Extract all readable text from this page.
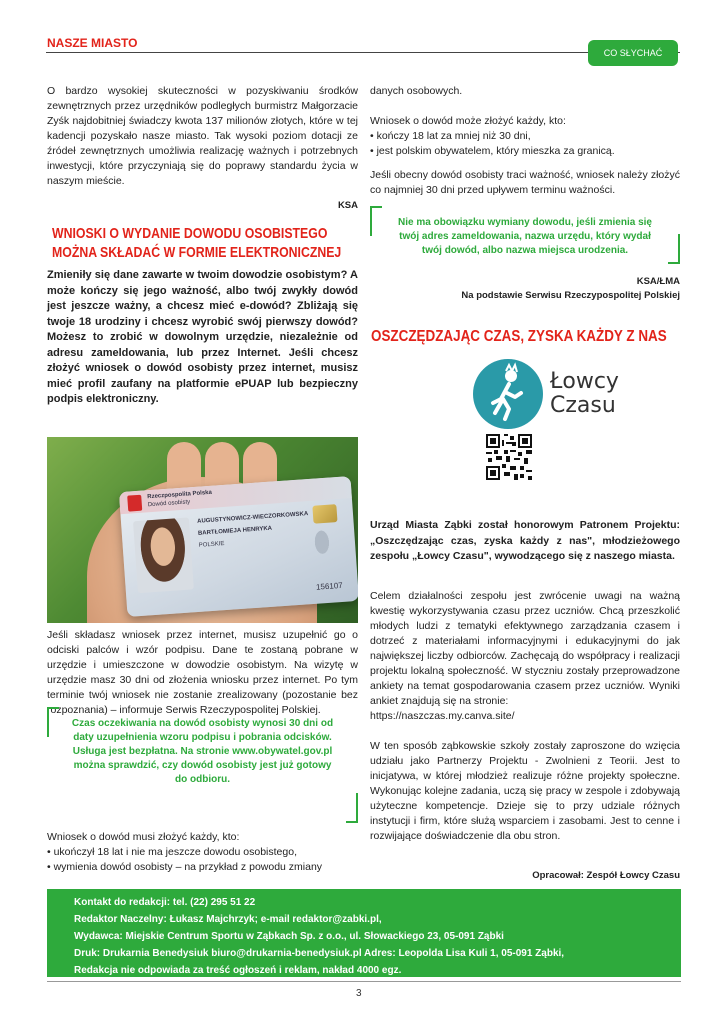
NASZE MIASTO
CO SŁYCHAĆ

O bardzo wysokiej skuteczności w pozyskiwaniu środków zewnętrznych przez urzędników podległych burmistrz Małgorzacie Zyśk najdobitniej świadczy kwota 137 milionów złotych, które w tej kadencji pozyskało nasze miasto. Tak wysoki poziom dotacji ze źródeł zewnętrznych umożliwia realizację ważnych i potrzebnych inwestycji, które przyczyniają się do poprawy standardu życia w naszym mieście.

KSA
WNIOSKI O WYDANIE DOWODU OSOBISTEGO
MOŻNA SKŁADAĆ W FORMIE ELEKTRONICZNEJ

Zmieniły się dane zawarte w twoim dowodzie osobistym? A może kończy się jego ważność, albo twój zwykły dowód jest jeszcze ważny, a chcesz mieć e-dowód? Zbliżają się twoje 18 urodziny i chcesz wyrobić swój pierwszy dowód? Możesz to zrobić w dowolnym urzędzie, niezależnie od adresu zameldowania, lub przez Internet. Jeśli chcesz złożyć wniosek o dowód osobisty przez internet, musisz mieć profil zaufany na platformie ePUAP lub bezpieczny podpis elektroniczny.

Rzeczpospolita Polska
Dowód osobisty
AUGUSTYNOWICZ-WIECZORKOWSKA
BARTŁOMIEJA HENRYKA
POLSKIE
156107

Jeśli składasz wniosek przez internet, musisz uzupełnić go o odciski palców i wzór podpisu. Dane te zostaną pobrane w urzędzie i umieszczone w dowodzie osobistym. Na wizytę w urzędzie masz 30 dni od złożenia wniosku przez internet. Po tym terminie twój wniosek nie zostanie zrealizowany (pozostanie bez rozpoznania) – informuje Serwis Rzeczypospolitej Polskiej.

Czas oczekiwania na dowód osobisty wynosi 30 dni od
daty uzupełnienia wzoru podpisu i pobrania odcisków.
Usługa jest bezpłatna. Na stronie www.obywatel.gov.pl
można sprawdzić, czy dowód osobisty jest już gotowy
do odbioru.

Wniosek o dowód musi złożyć każdy, kto:

• ukończył 18 lat i nie ma jeszcze dowodu osobistego,

• wymienia dowód osobisty – na przykład z powodu zmiany

danych osobowych.

Wniosek o dowód może złożyć każdy, kto:

• kończy 18 lat za mniej niż 30 dni,

• jest polskim obywatelem, który mieszka za granicą.

Jeśli obecny dowód osobisty traci ważność, wniosek należy złożyć co najmniej 30 dni przed upływem terminu ważności.

Nie ma obowiązku wymiany dowodu, jeśli zmienia się
twój adres zameldowania, nazwa urzędu, który wydał
twój dowód, albo nazwa miejsca urodzenia.
KSA/ŁMA
Na podstawie Serwisu Rzeczypospolitej Polskiej
OSZCZĘDZAJĄC CZAS, ZYSKA KAŻDY Z NAS
Łowcy
Czasu

Urząd Miasta Ząbki został honorowym Patronem Projektu: „Oszczędzając czas, zyska każdy z nas", młodzieżowego zespołu „Łowcy Czasu", wywodzącego się z naszego miasta.

Celem działalności zespołu jest zwrócenie uwagi na ważną kwestię wykorzystywania czasu przez uczniów. Chcą przeszkolić młodych ludzi z tematyki efektywnego zarządzania czasem i dotrzeć z materiałami informacyjnymi i edukacyjnymi do jak największej liczby odbiorców. Zachęcają do współpracy i realizacji projektu lokalną społeczność. W styczniu zostały przeprowadzone ankiety na temat gospodarowania czasem przez uczniów. Wyniki ankiet znajdują się na stronie:

https://naszczas.my.canva.site/

W ten sposób ząbkowskie szkoły zostały zaproszone do wzięcia udziału jako Partnerzy Projektu - Zwolnieni z Teorii. Jest to inicjatywa, w której młodzież realizuje różne projekty społeczne. Wykonując kolejne zadania, uczą się pracy w zespole i zdobywają użyteczne kompetencje. Dzieje się to przy udziale różnych instytucji i firm, które służą wsparciem i zasobami. Jest to cenne i rozwijające doświadczenie dla obu stron.

Opracował: Zespół Łowcy Czasu
Kontakt do redakcji: tel. (22) 295 51 22
Redaktor Naczelny: Łukasz Majchrzyk; e-mail redaktor@zabki.pl,
Wydawca: Miejskie Centrum Sportu w Ząbkach Sp. z o.o., ul. Słowackiego 23, 05-091 Ząbki
Druk: Drukarnia Benedysiuk biuro@drukarnia-benedysiuk.pl Adres: Leopolda Lisa Kuli 1, 05-091 Ząbki,
Redakcja nie odpowiada za treść ogłoszeń i reklam, nakład 4000 egz.
3
